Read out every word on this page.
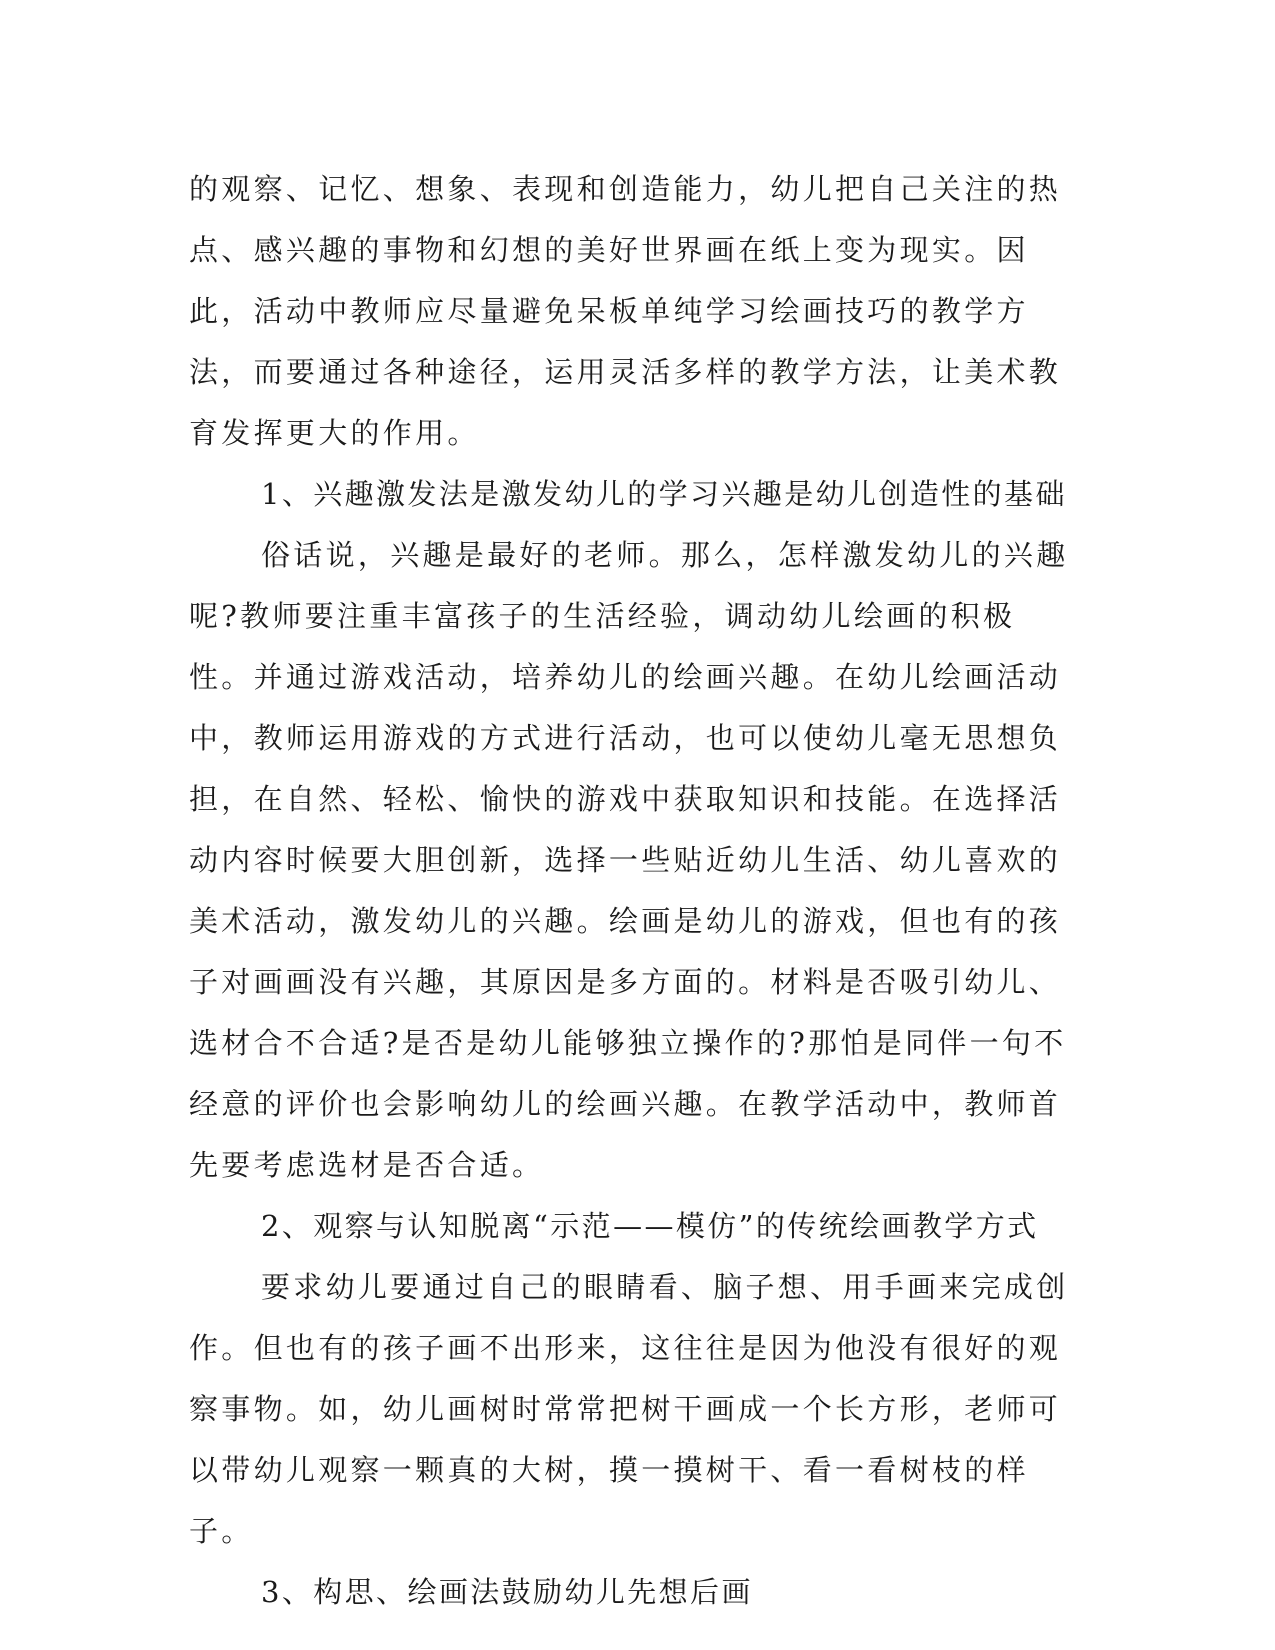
的观察、记忆、想象、表现和创造能力，幼儿把自己关注的热点、感兴趣的事物和幻想的美好世界画在纸上变为现实。因此，活动中教师应尽量避免呆板单纯学习绘画技巧的教学方法，而要通过各种途径，运用灵活多样的教学方法，让美术教育发挥更大的作用。

1、兴趣激发法是激发幼儿的学习兴趣是幼儿创造性的基础

俗话说，兴趣是最好的老师。那么，怎样激发幼儿的兴趣呢?教师要注重丰富孩子的生活经验，调动幼儿绘画的积极性。并通过游戏活动，培养幼儿的绘画兴趣。在幼儿绘画活动中，教师运用游戏的方式进行活动，也可以使幼儿毫无思想负担，在自然、轻松、愉快的游戏中获取知识和技能。在选择活动内容时候要大胆创新，选择一些贴近幼儿生活、幼儿喜欢的美术活动，激发幼儿的兴趣。绘画是幼儿的游戏，但也有的孩子对画画没有兴趣，其原因是多方面的。材料是否吸引幼儿、选材合不合适?是否是幼儿能够独立操作的?那怕是同伴一句不经意的评价也会影响幼儿的绘画兴趣。在教学活动中，教师首先要考虑选材是否合适。

2、观察与认知脱离“示范——模仿”的传统绘画教学方式

要求幼儿要通过自己的眼睛看、脑子想、用手画来完成创作。但也有的孩子画不出形来，这往往是因为他没有很好的观察事物。如，幼儿画树时常常把树干画成一个长方形，老师可以带幼儿观察一颗真的大树，摸一摸树干、看一看树枝的样子。

3、构思、绘画法鼓励幼儿先想后画
